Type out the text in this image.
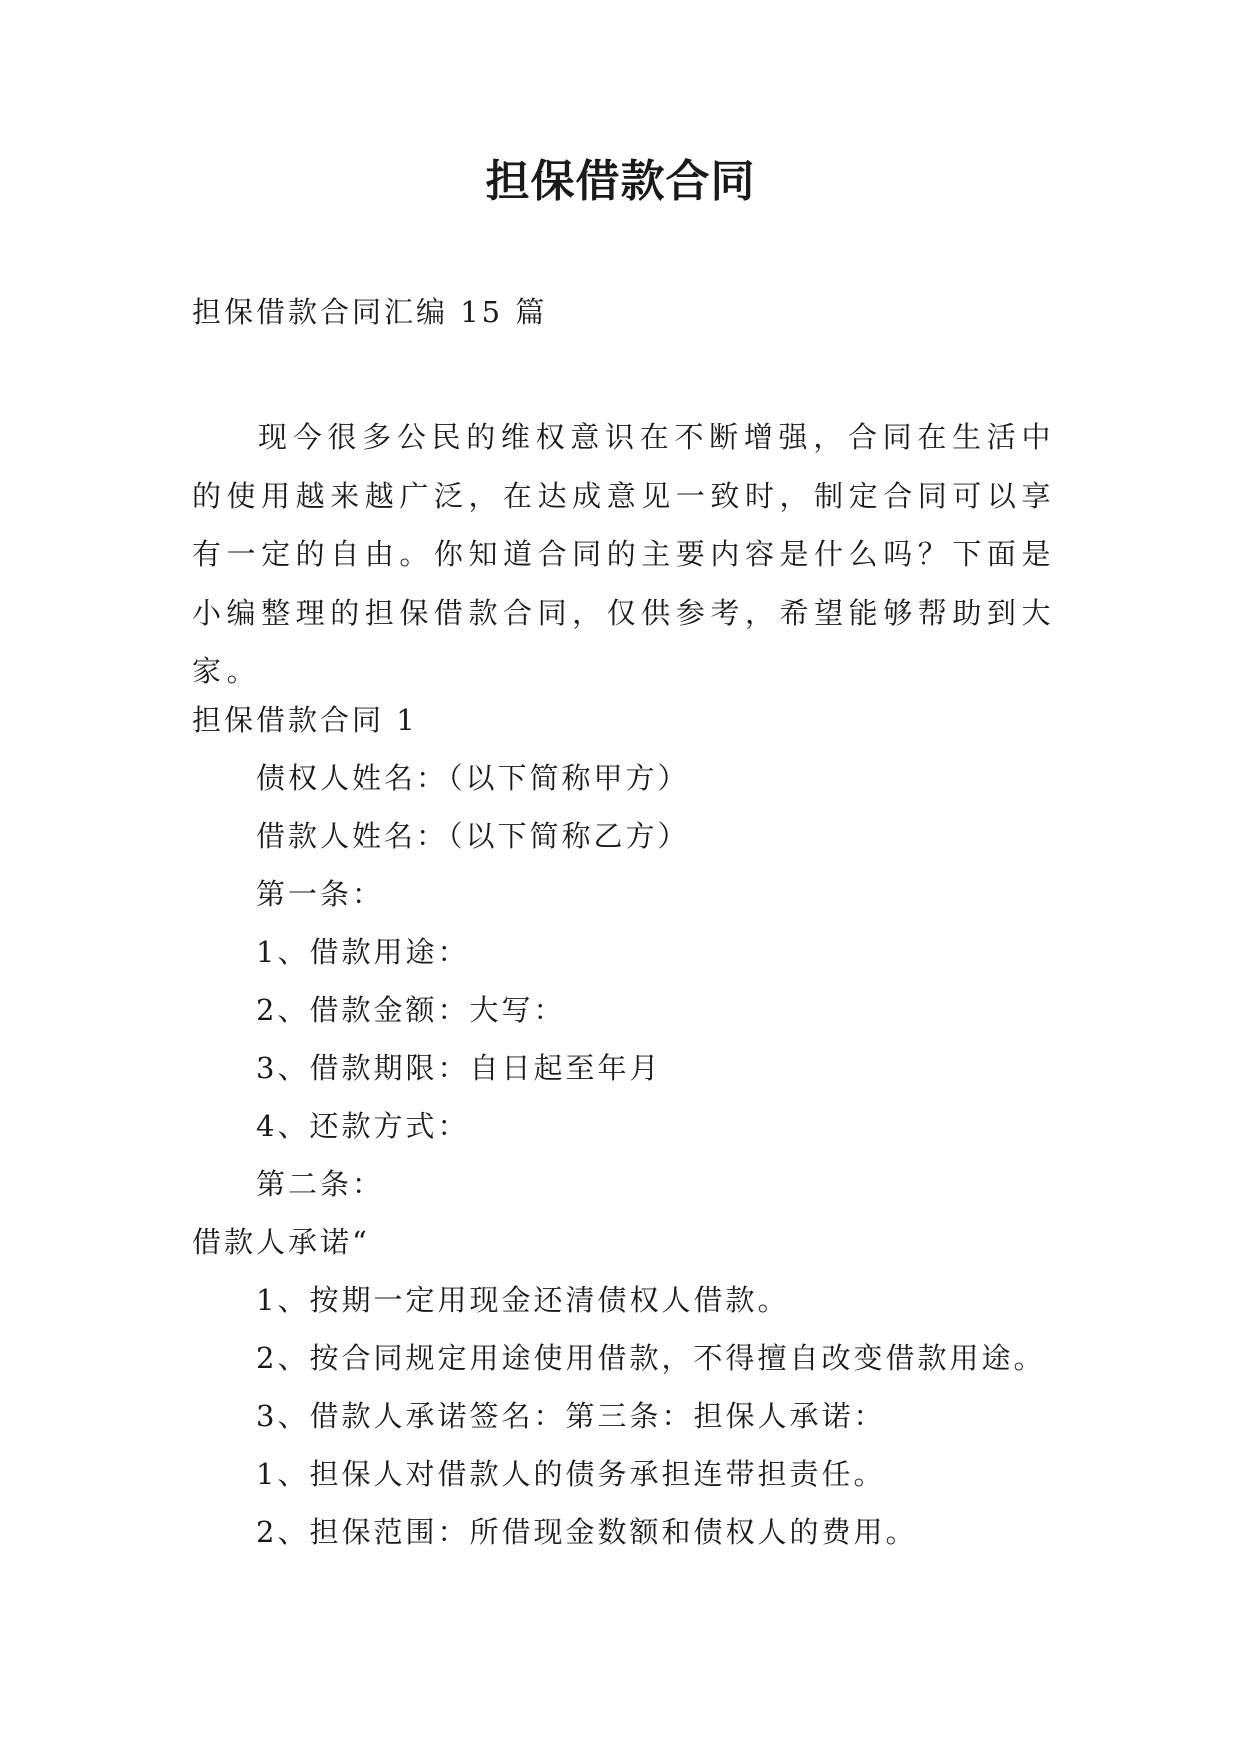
担保借款合同
担保借款合同汇编 15 篇

现今很多公民的维权意识在不断增强，合同在生活中的使用越来越广泛，在达成意见一致时，制定合同可以享有一定的自由。你知道合同的主要内容是什么吗？下面是小编整理的担保借款合同，仅供参考，希望能够帮助到大家。

担保借款合同 1
债权人姓名：（以下简称甲方）
借款人姓名：（以下简称乙方）
第一条：
1、借款用途：
2、借款金额：大写：
3、借款期限：自日起至年月
4、还款方式：
第二条：
借款人承诺“
1、按期一定用现金还清债权人借款。
2、按合同规定用途使用借款，不得擅自改变借款用途。
3、借款人承诺签名：第三条：担保人承诺：
1、担保人对借款人的债务承担连带担责任。
2、担保范围：所借现金数额和债权人的费用。
